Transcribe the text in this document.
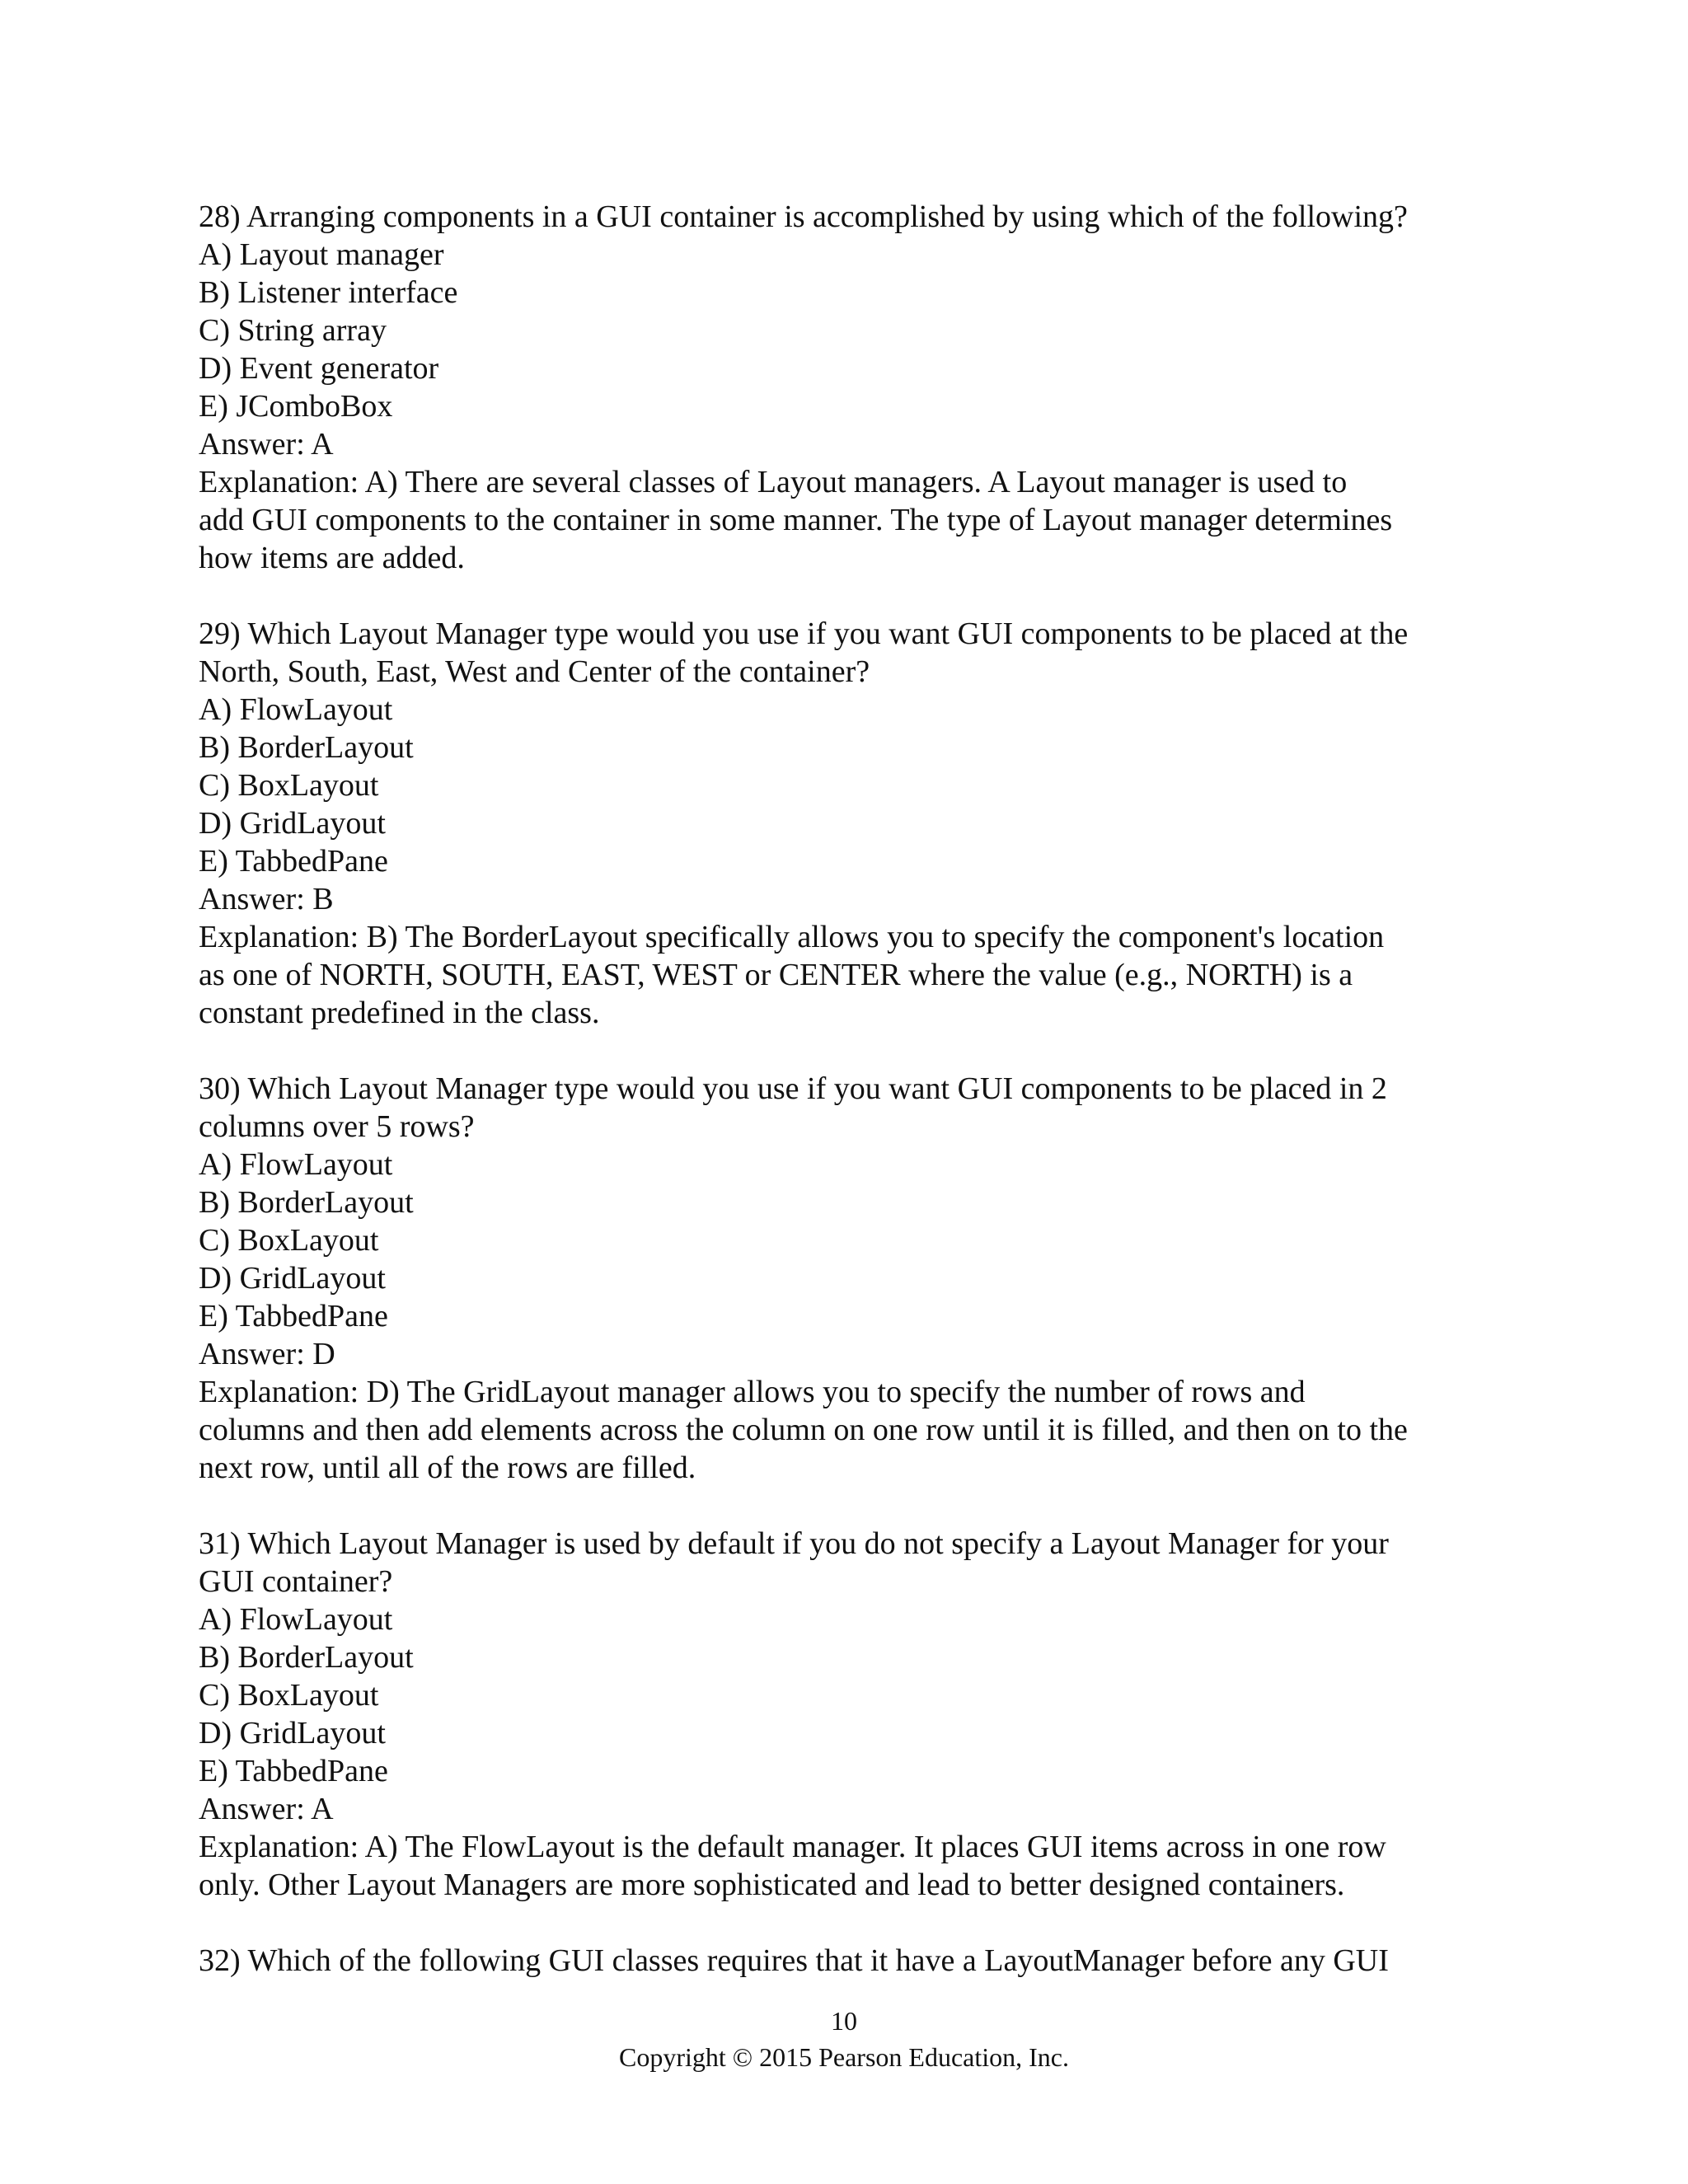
28) Arranging components in a GUI container is accomplished by using which of the following?
A) Layout manager
B) Listener interface
C) String array
D) Event generator
E) JComboBox
Answer: A
Explanation: A) There are several classes of Layout managers. A Layout manager is used to
add GUI components to the container in some manner. The type of Layout manager determines
how items are added.
29) Which Layout Manager type would you use if you want GUI components to be placed at the
North, South, East, West and Center of the container?
A) FlowLayout
B) BorderLayout
C) BoxLayout
D) GridLayout
E) TabbedPane
Answer: B
Explanation: B) The BorderLayout specifically allows you to specify the component's location
as one of NORTH, SOUTH, EAST, WEST or CENTER where the value (e.g., NORTH) is a
constant predefined in the class.
30) Which Layout Manager type would you use if you want GUI components to be placed in 2
columns over 5 rows?
A) FlowLayout
B) BorderLayout
C) BoxLayout
D) GridLayout
E) TabbedPane
Answer: D
Explanation: D) The GridLayout manager allows you to specify the number of rows and
columns and then add elements across the column on one row until it is filled, and then on to the
next row, until all of the rows are filled.
31) Which Layout Manager is used by default if you do not specify a Layout Manager for your
GUI container?
A) FlowLayout
B) BorderLayout
C) BoxLayout
D) GridLayout
E) TabbedPane
Answer: A
Explanation: A) The FlowLayout is the default manager. It places GUI items across in one row
only. Other Layout Managers are more sophisticated and lead to better designed containers.
32) Which of the following GUI classes requires that it have a LayoutManager before any GUI
10
Copyright © 2015 Pearson Education, Inc.
